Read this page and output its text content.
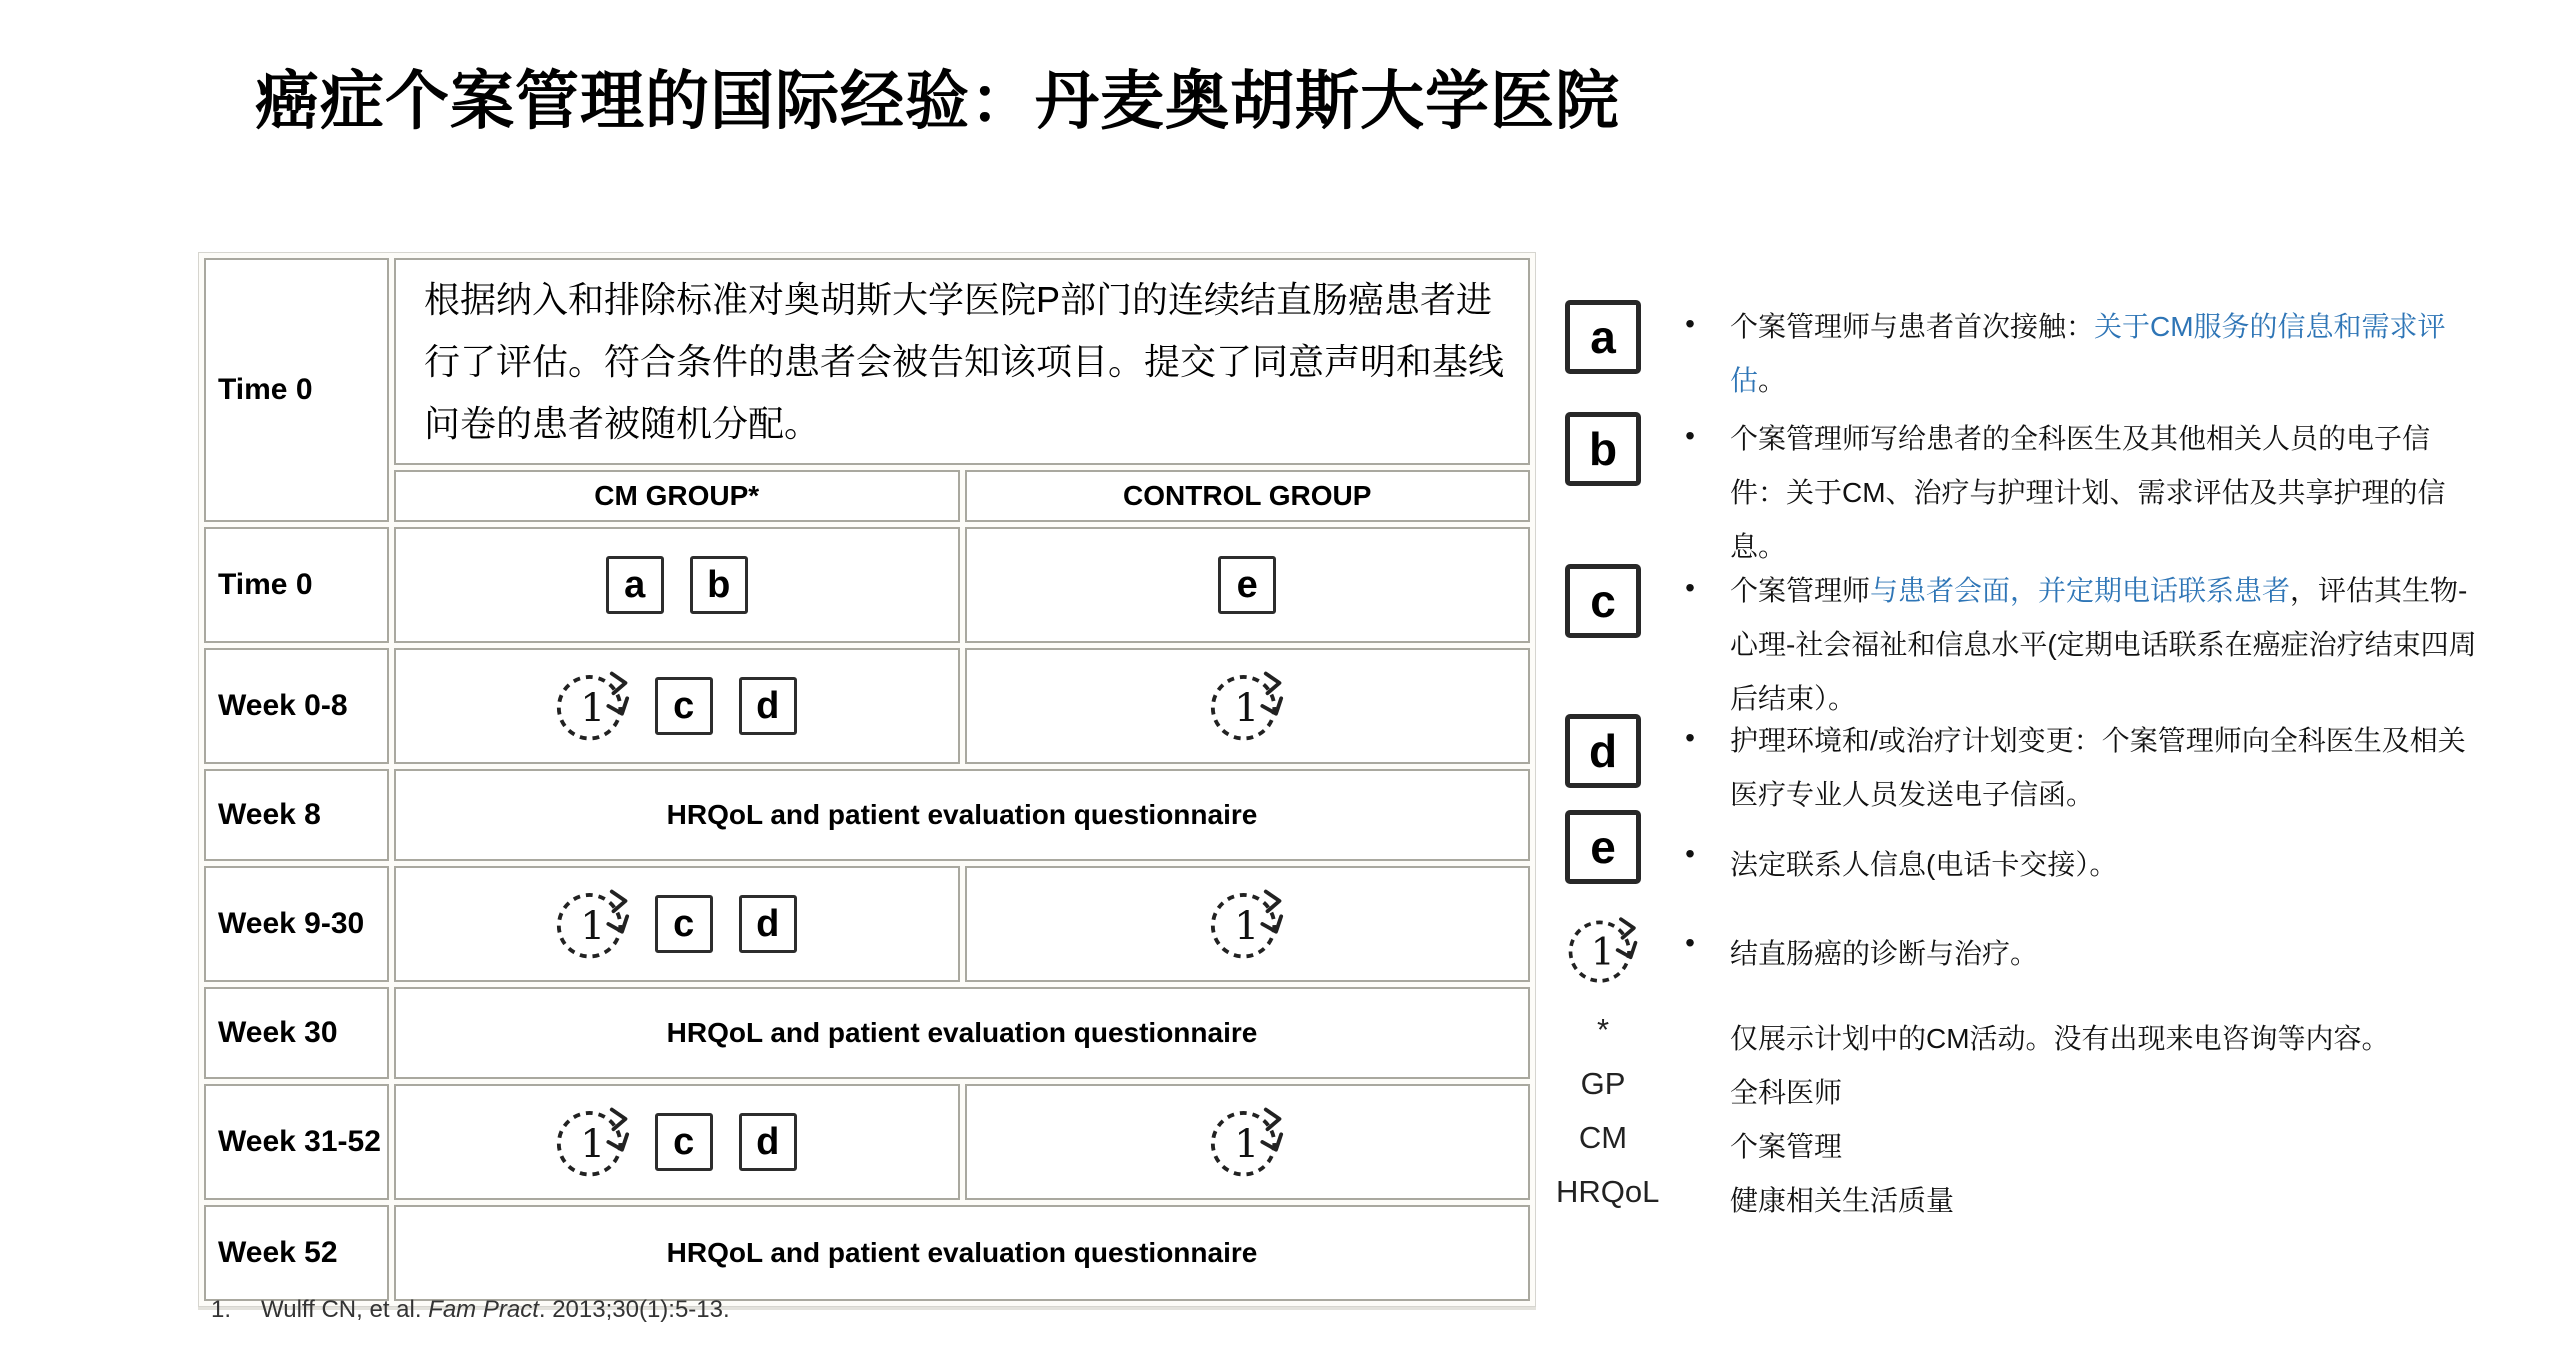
癌症个案管理的国际经验：丹麦奥胡斯大学医院
Time 0	根据纳入和排除标准对奥胡斯大学医院P部门的连续结直肠癌患者进行了评估。符合条件的患者会被告知该项目。提交了同意声明和基线问卷的患者被随机分配。	
	CM GROUP*	CONTROL GROUP
Time 0	a b	e
Week 0-8	1 c d	1

Week 8	HRQoL and patient evaluation questionnaire	
Week 9-30	1 c d	1

Week 30	HRQoL and patient evaluation questionnaire	
Week 31-52	1 c d	1

Week 52	HRQoL and patient evaluation questionnaire	
a	•	个案管理师与患者首次接触：关于CM服务的信息和需求评估。
b	•	个案管理师写给患者的全科医生及其他相关人员的电子信件：关于CM、治疗与护理计划、需求评估及共享护理的信息。
c	•	个案管理师与患者会面，并定期电话联系患者，评估其生物-心理-社会福祉和信息水平(定期电话联系在癌症治疗结束四周后结束）。
d	•	护理环境和/或治疗计划变更：个案管理师向全科医生及相关医疗专业人员发送电子信函。
e	•	法定联系人信息(电话卡交接）。
1	•	结直肠癌的诊断与治疗。
*	仅展示计划中的CM活动。没有出现来电咨询等内容。
GP	全科医师
CM	个案管理
HRQoL	健康相关生活质量
1.	Wulff CN, et al. Fam Pract. 2013;30(1):5-13.
